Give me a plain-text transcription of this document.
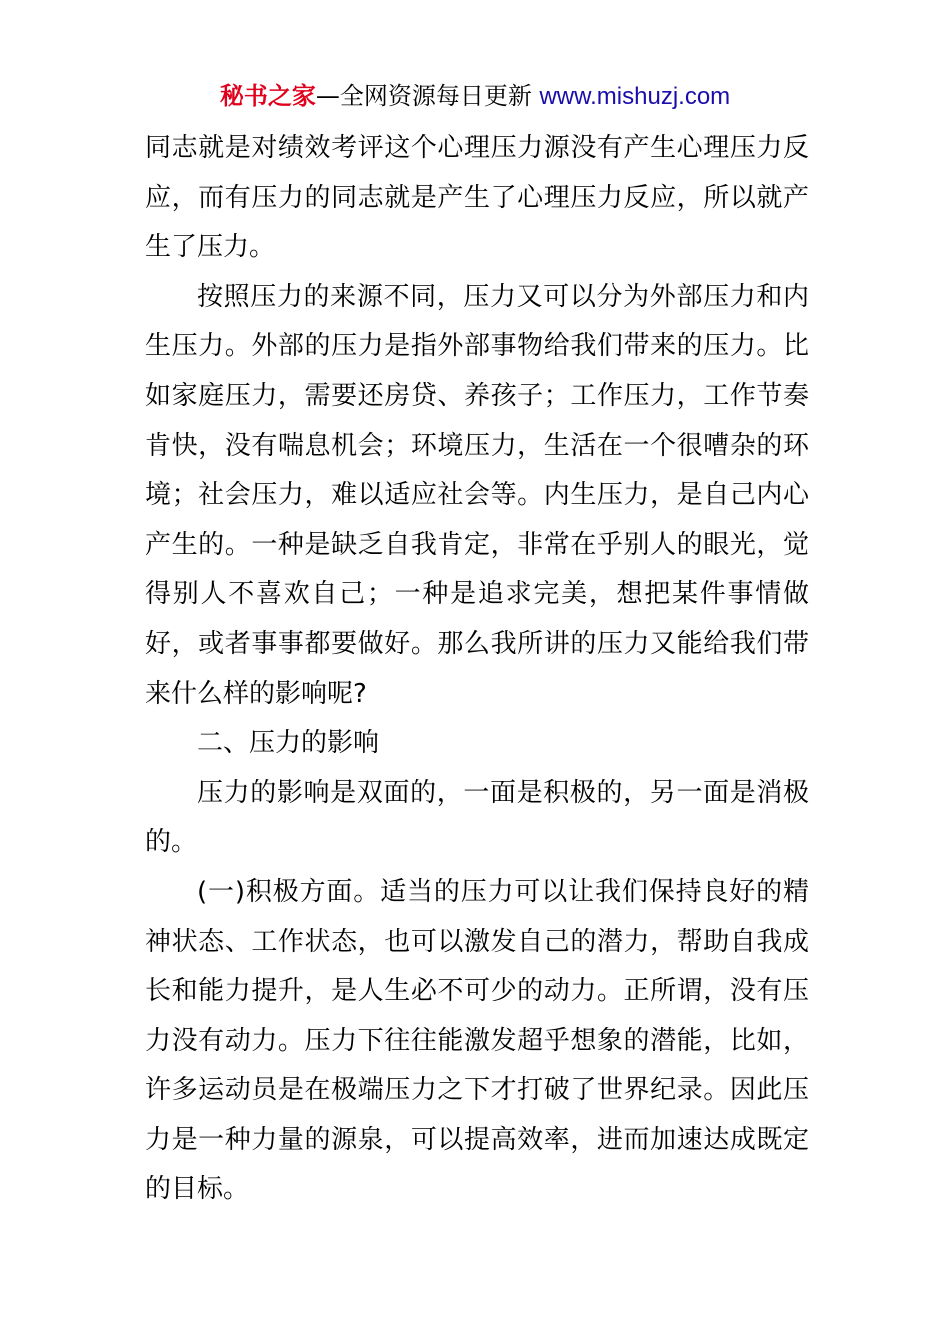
秘书之家—全网资源每日更新 www.mishuzj.com

同志就是对绩效考评这个心理压力源没有产生心理压力反应，而有压力的同志就是产生了心理压力反应，所以就产生了压力。

按照压力的来源不同，压力又可以分为外部压力和内生压力。外部的压力是指外部事物给我们带来的压力。比如家庭压力，需要还房贷、养孩子；工作压力，工作节奏肯快，没有喘息机会；环境压力，生活在一个很嘈杂的环境；社会压力，难以适应社会等。内生压力，是自己内心产生的。一种是缺乏自我肯定，非常在乎别人的眼光，觉得别人不喜欢自己；一种是追求完美，想把某件事情做好，或者事事都要做好。那么我所讲的压力又能给我们带来什么样的影响呢?

二、压力的影响

压力的影响是双面的，一面是积极的，另一面是消极的。

(一)积极方面。适当的压力可以让我们保持良好的精神状态、工作状态，也可以激发自己的潜力，帮助自我成长和能力提升，是人生必不可少的动力。正所谓，没有压力没有动力。压力下往往能激发超乎想象的潜能，比如，许多运动员是在极端压力之下才打破了世界纪录。因此压力是一种力量的源泉，可以提高效率，进而加速达成既定的目标。
